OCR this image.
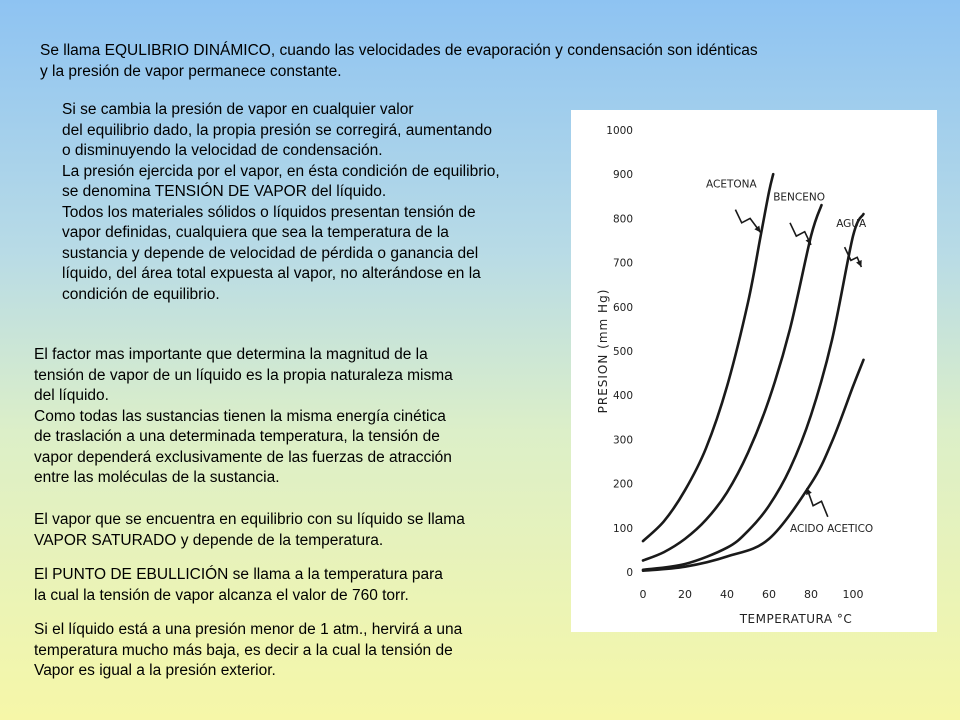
Se llama EQULIBRIO DINÁMICO, cuando las velocidades de evaporación y condensación son idénticas
y la presión de vapor permanece constante.

Si se cambia la presión de vapor en cualquier valor
del equilibrio dado, la propia presión se corregirá, aumentando
o disminuyendo la velocidad de condensación.
La presión ejercida por el vapor, en ésta condición de equilibrio,
se denomina TENSIÓN DE VAPOR del líquido.
Todos los materiales sólidos o líquidos presentan tensión de
vapor definidas, cualquiera que sea la temperatura de la
sustancia y depende de velocidad de pérdida o ganancia del
líquido, del área total expuesta al vapor, no alterándose en la
condición de equilibrio.

El factor mas importante que determina la magnitud de la
tensión de vapor de un líquido es la propia naturaleza misma
del líquido.
Como todas las sustancias tienen la misma energía cinética
de traslación a una determinada temperatura, la tensión de
vapor dependerá exclusivamente de las fuerzas de atracción
entre las moléculas de la sustancia.

El vapor que se encuentra en equilibrio con su líquido se llama
VAPOR SATURADO y depende de la temperatura.

El PUNTO DE EBULLICIÓN se llama a la temperatura para
la cual la tensión de vapor alcanza el valor de 760 torr.

Si el líquido está a una presión menor de 1 atm., hervirá a una
temperatura mucho más baja, es decir a la cual la tensión de
Vapor es igual a la presión exterior.

0
100
200
300
400
500
600
700
800
900
1000
0	20	40	60	80 100
TEMPERATURA °C
PRESION (mm Hg)
ACETONA
BENCENO
AGUA
ACIDO ACETICO
